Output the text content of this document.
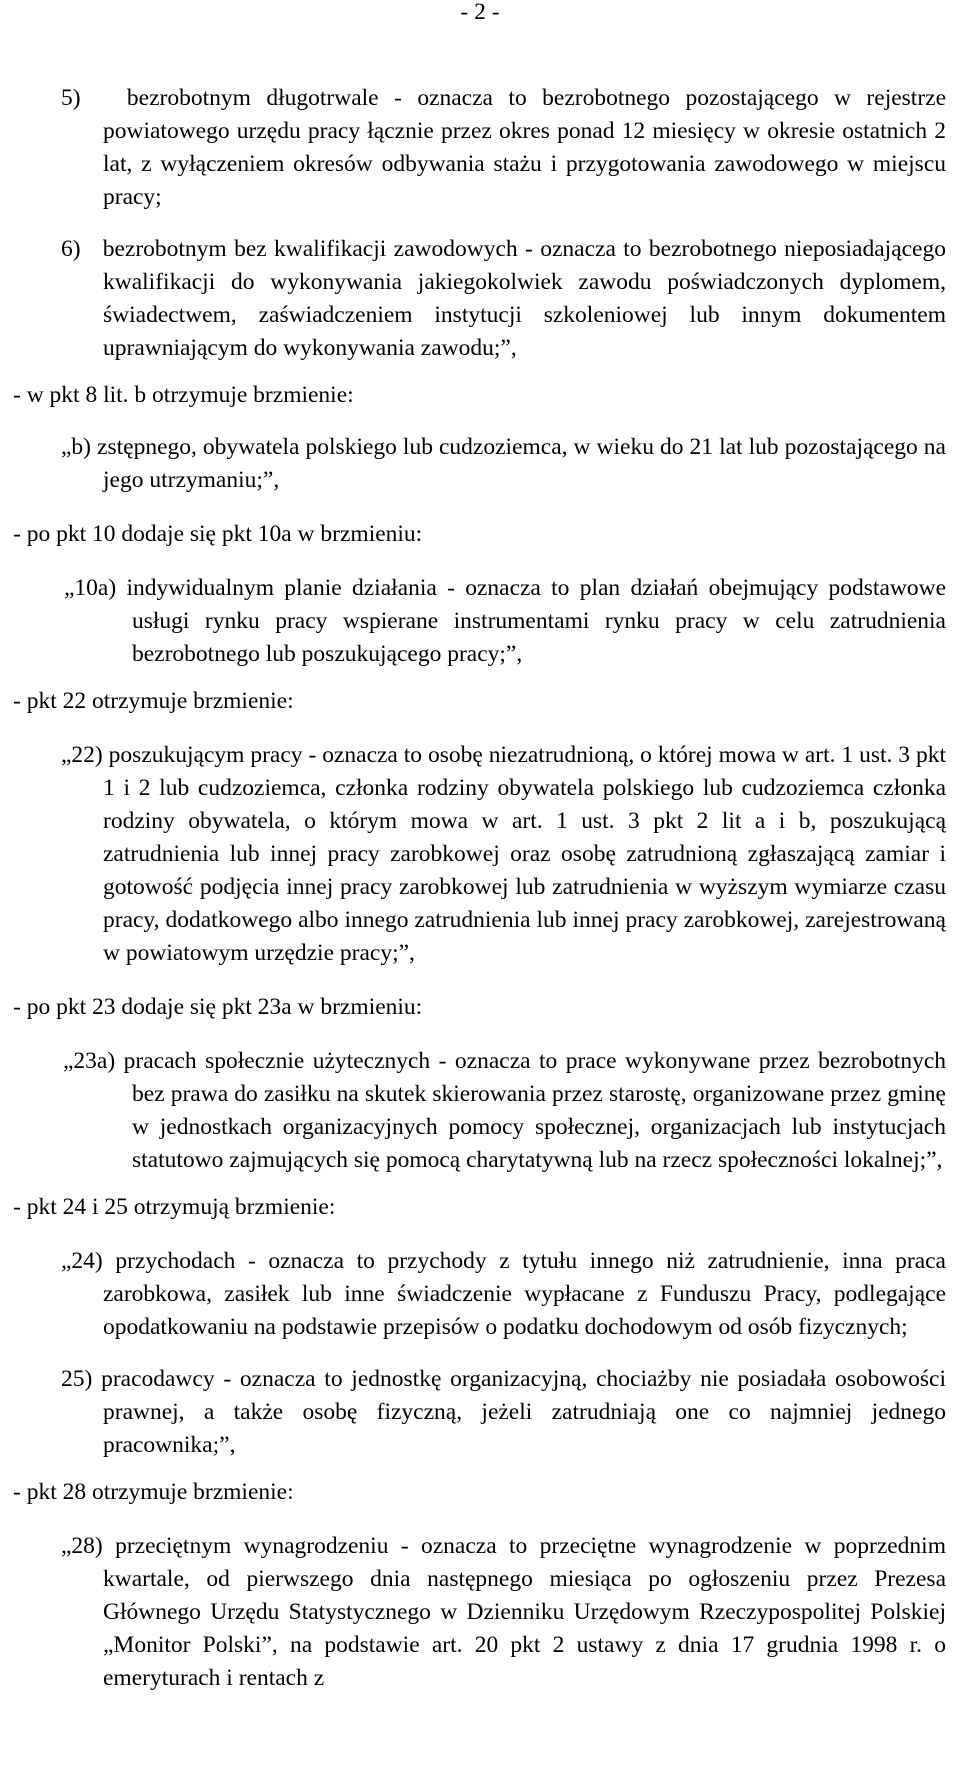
- 2 -

5) bezrobotnym długotrwale - oznacza to bezrobotnego pozostającego w rejestrze powiatowego urzędu pracy łącznie przez okres ponad 12 miesięcy w okresie ostatnich 2 lat, z wyłączeniem okresów odbywania stażu i przygotowania zawodowego w miejscu pracy;

6) bezrobotnym bez kwalifikacji zawodowych - oznacza to bezrobotnego nieposiadającego kwalifikacji do wykonywania jakiegokolwiek zawodu poświadczonych dyplomem, świadectwem, zaświadczeniem instytucji szkoleniowej lub innym dokumentem uprawniającym do wykonywania zawodu;”,

- w pkt 8 lit. b otrzymuje brzmienie:

„b) zstępnego, obywatela polskiego lub cudzoziemca, w wieku do 21 lat lub pozostającego na jego utrzymaniu;”,

- po pkt 10 dodaje się pkt 10a w brzmieniu:

„10a) indywidualnym planie działania - oznacza to plan działań obejmujący podstawowe usługi rynku pracy wspierane instrumentami rynku pracy w celu zatrudnienia bezrobotnego lub poszukującego pracy;”,

- pkt 22 otrzymuje brzmienie:

„22) poszukującym pracy - oznacza to osobę niezatrudnioną, o której mowa w art. 1 ust. 3 pkt 1 i 2 lub cudzoziemca, członka rodziny obywatela polskiego lub cudzoziemca członka rodziny obywatela, o którym mowa w art. 1 ust. 3 pkt 2 lit a i b, poszukującą zatrudnienia lub innej pracy zarobkowej oraz osobę zatrudnioną zgłaszającą zamiar i gotowość podjęcia innej pracy zarobkowej lub zatrudnienia w wyższym wymiarze czasu pracy, dodatkowego albo innego zatrudnienia lub innej pracy zarobkowej, zarejestrowaną w powiatowym urzędzie pracy;”,

- po pkt 23 dodaje się pkt 23a w brzmieniu:

„23a) pracach społecznie użytecznych - oznacza to prace wykonywane przez bezrobotnych bez prawa do zasiłku na skutek skierowania przez starostę, organizowane przez gminę w jednostkach organizacyjnych pomocy społecznej, organizacjach lub instytucjach statutowo zajmujących się pomocą charytatywną lub na rzecz społeczności lokalnej;”,

- pkt 24 i 25 otrzymują brzmienie:

„24) przychodach - oznacza to przychody z tytułu innego niż zatrudnienie, inna praca zarobkowa, zasiłek lub inne świadczenie wypłacane z Funduszu Pracy, podlegające opodatkowaniu na podstawie przepisów o podatku dochodowym od osób fizycznych;

25) pracodawcy - oznacza to jednostkę organizacyjną, chociażby nie posiadała osobowości prawnej, a także osobę fizyczną, jeżeli zatrudniają one co najmniej jednego pracownika;”,

- pkt 28 otrzymuje brzmienie:

„28) przeciętnym wynagrodzeniu - oznacza to przeciętne wynagrodzenie w poprzednim kwartale, od pierwszego dnia następnego miesiąca po ogłoszeniu przez Prezesa Głównego Urzędu Statystycznego w Dzienniku Urzędowym Rzeczypospolitej Polskiej „Monitor Polski”, na podstawie art. 20 pkt 2 ustawy z dnia 17 grudnia 1998 r. o emeryturach i rentach z
